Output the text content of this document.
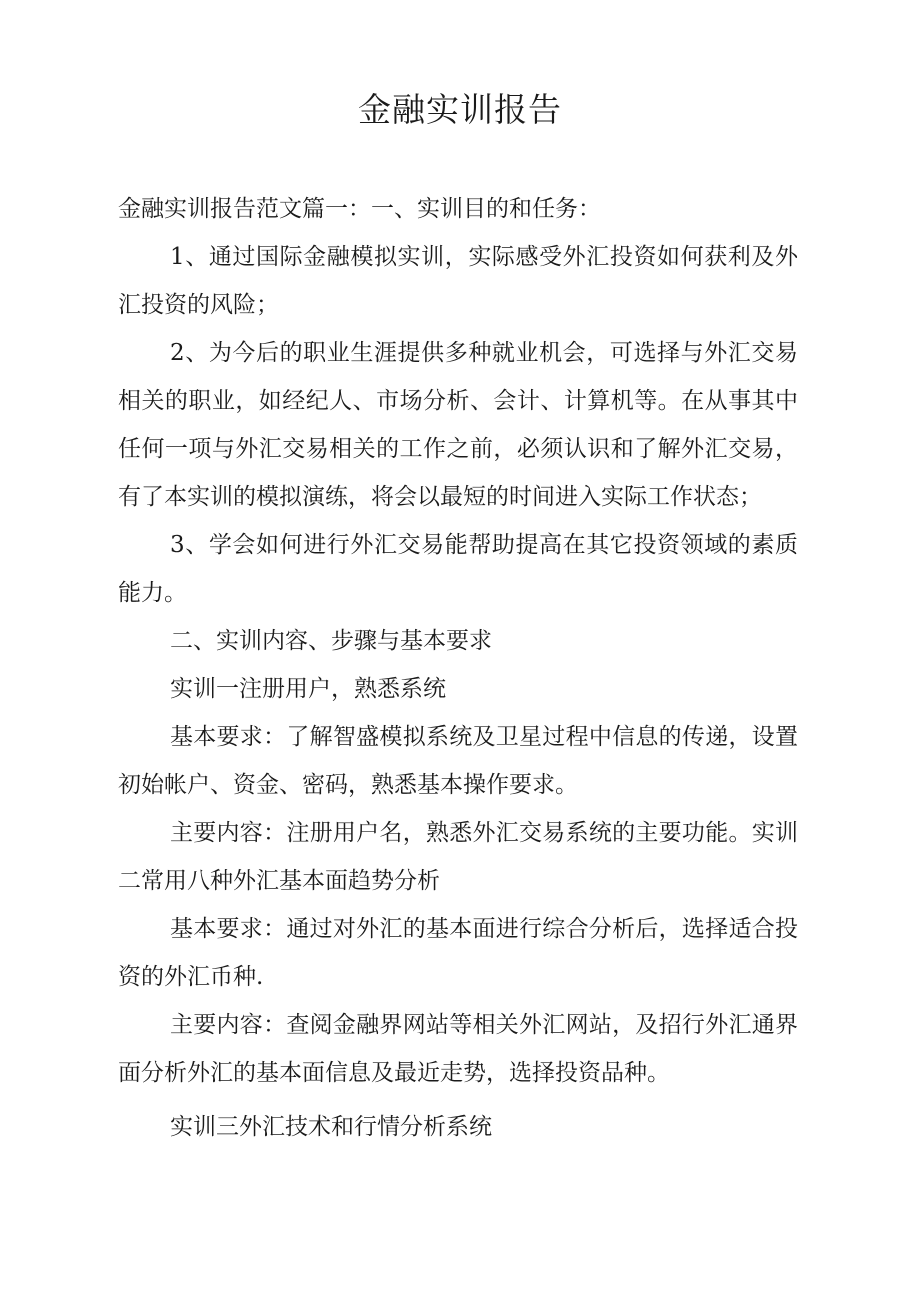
金融实训报告

金融实训报告范文篇一：一、实训目的和任务：

1、通过国际金融模拟实训，实际感受外汇投资如何获利及外汇投资的风险；

2、为今后的职业生涯提供多种就业机会，可选择与外汇交易相关的职业，如经纪人、市场分析、会计、计算机等。在从事其中任何一项与外汇交易相关的工作之前，必须认识和了解外汇交易，有了本实训的模拟演练，将会以最短的时间进入实际工作状态；

3、学会如何进行外汇交易能帮助提高在其它投资领域的素质能力。

二、实训内容、步骤与基本要求

实训一注册用户，熟悉系统

基本要求：了解智盛模拟系统及卫星过程中信息的传递，设置初始帐户、资金、密码，熟悉基本操作要求。

主要内容：注册用户名，熟悉外汇交易系统的主要功能。实训二常用八种外汇基本面趋势分析

基本要求：通过对外汇的基本面进行综合分析后，选择适合投资的外汇币种.

主要内容：查阅金融界网站等相关外汇网站，及招行外汇通界面分析外汇的基本面信息及最近走势，选择投资品种。

实训三外汇技术和行情分析系统
